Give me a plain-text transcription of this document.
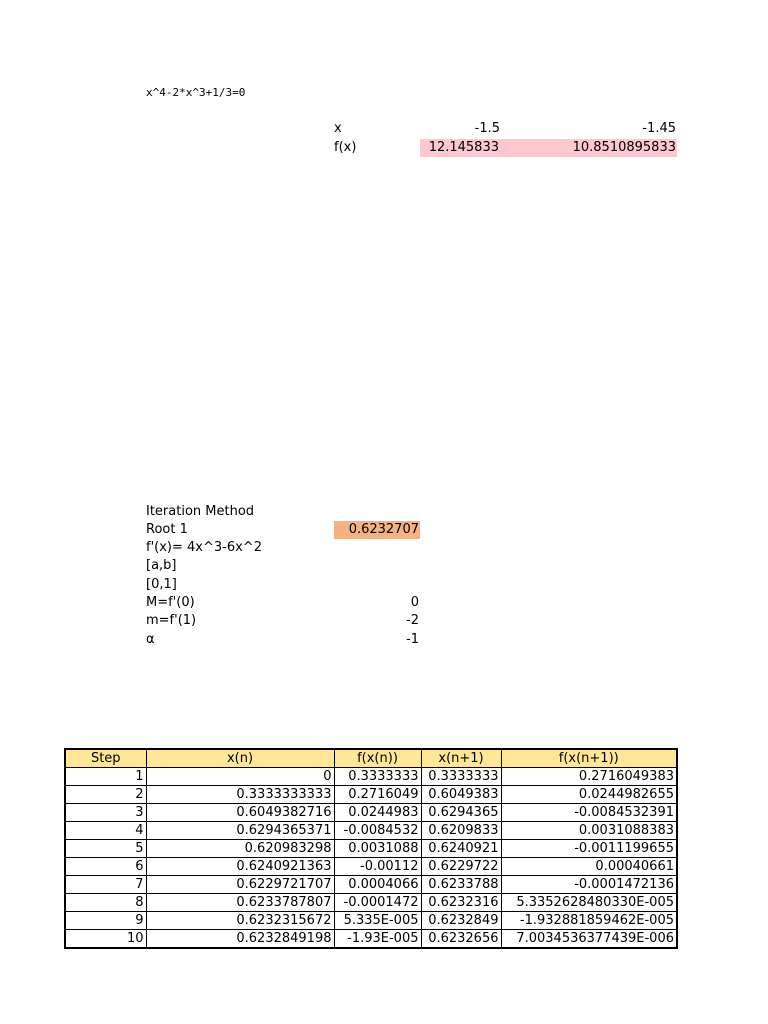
x^4-2*x^3+1/3=0
x	-1.5	-1.45
f(x)	12.145833	10.8510895833
Iteration Method
Root 1	0.6232707
f'(x)= 4x^3-6x^2
[a,b]
[0,1]
M=f'(0)	0
m=f'(1)	-2
α	-1
Step	x(n)	f(x(n))	x(n+1)	f(x(n+1))
1	0	0.3333333	0.3333333	0.2716049383
2	0.3333333333	0.2716049	0.6049383	0.0244982655
3	0.6049382716	0.0244983	0.6294365	-0.0084532391
4	0.6294365371	-0.0084532	0.6209833	0.0031088383
5	0.620983298	0.0031088	0.6240921	-0.0011199655
6	0.6240921363	-0.00112	0.6229722	0.00040661
7	0.6229721707	0.0004066	0.6233788	-0.0001472136
8	0.6233787807	-0.0001472	0.6232316	5.3352628480330E-005
9	0.6232315672	5.335E-005	0.6232849	-1.932881859462E-005
10	0.6232849198	-1.93E-005	0.6232656	7.0034536377439E-006
